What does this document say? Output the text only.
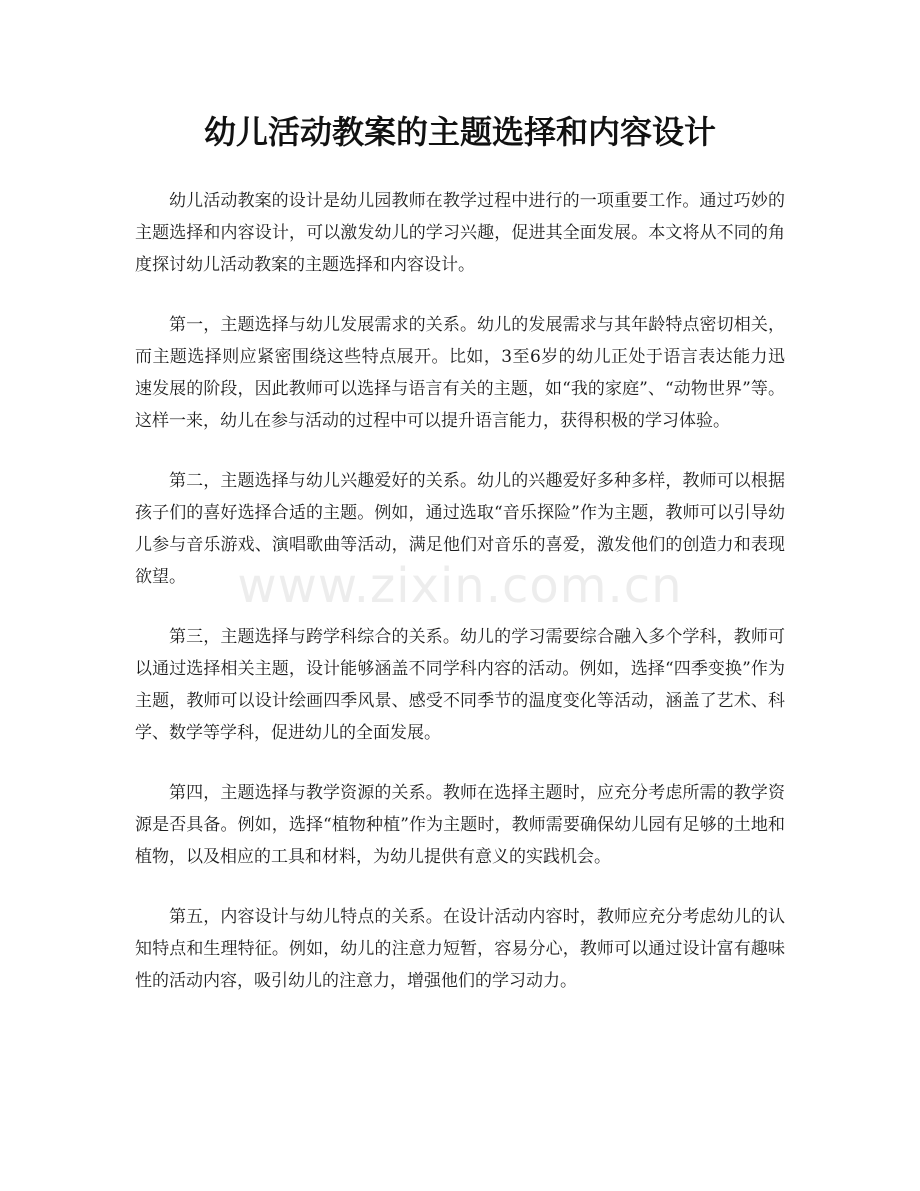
幼儿活动教案的主题选择和内容设计

幼儿活动教案的设计是幼儿园教师在教学过程中进行的一项重要工作。通过巧妙的主题选择和内容设计，可以激发幼儿的学习兴趣，促进其全面发展。本文将从不同的角度探讨幼儿活动教案的主题选择和内容设计。

第一，主题选择与幼儿发展需求的关系。幼儿的发展需求与其年龄特点密切相关，而主题选择则应紧密围绕这些特点展开。比如，3至6岁的幼儿正处于语言表达能力迅速发展的阶段，因此教师可以选择与语言有关的主题，如“我的家庭”、“动物世界”等。这样一来，幼儿在参与活动的过程中可以提升语言能力，获得积极的学习体验。

第二，主题选择与幼儿兴趣爱好的关系。幼儿的兴趣爱好多种多样，教师可以根据孩子们的喜好选择合适的主题。例如，通过选取“音乐探险”作为主题，教师可以引导幼儿参与音乐游戏、演唱歌曲等活动，满足他们对音乐的喜爱，激发他们的创造力和表现欲望。

第三，主题选择与跨学科综合的关系。幼儿的学习需要综合融入多个学科，教师可以通过选择相关主题，设计能够涵盖不同学科内容的活动。例如，选择“四季变换”作为主题，教师可以设计绘画四季风景、感受不同季节的温度变化等活动，涵盖了艺术、科学、数学等学科，促进幼儿的全面发展。

第四，主题选择与教学资源的关系。教师在选择主题时，应充分考虑所需的教学资源是否具备。例如，选择“植物种植”作为主题时，教师需要确保幼儿园有足够的土地和植物，以及相应的工具和材料，为幼儿提供有意义的实践机会。

第五，内容设计与幼儿特点的关系。在设计活动内容时，教师应充分考虑幼儿的认知特点和生理特征。例如，幼儿的注意力短暂，容易分心，教师可以通过设计富有趣味性的活动内容，吸引幼儿的注意力，增强他们的学习动力。

www.zixin.com.cn
